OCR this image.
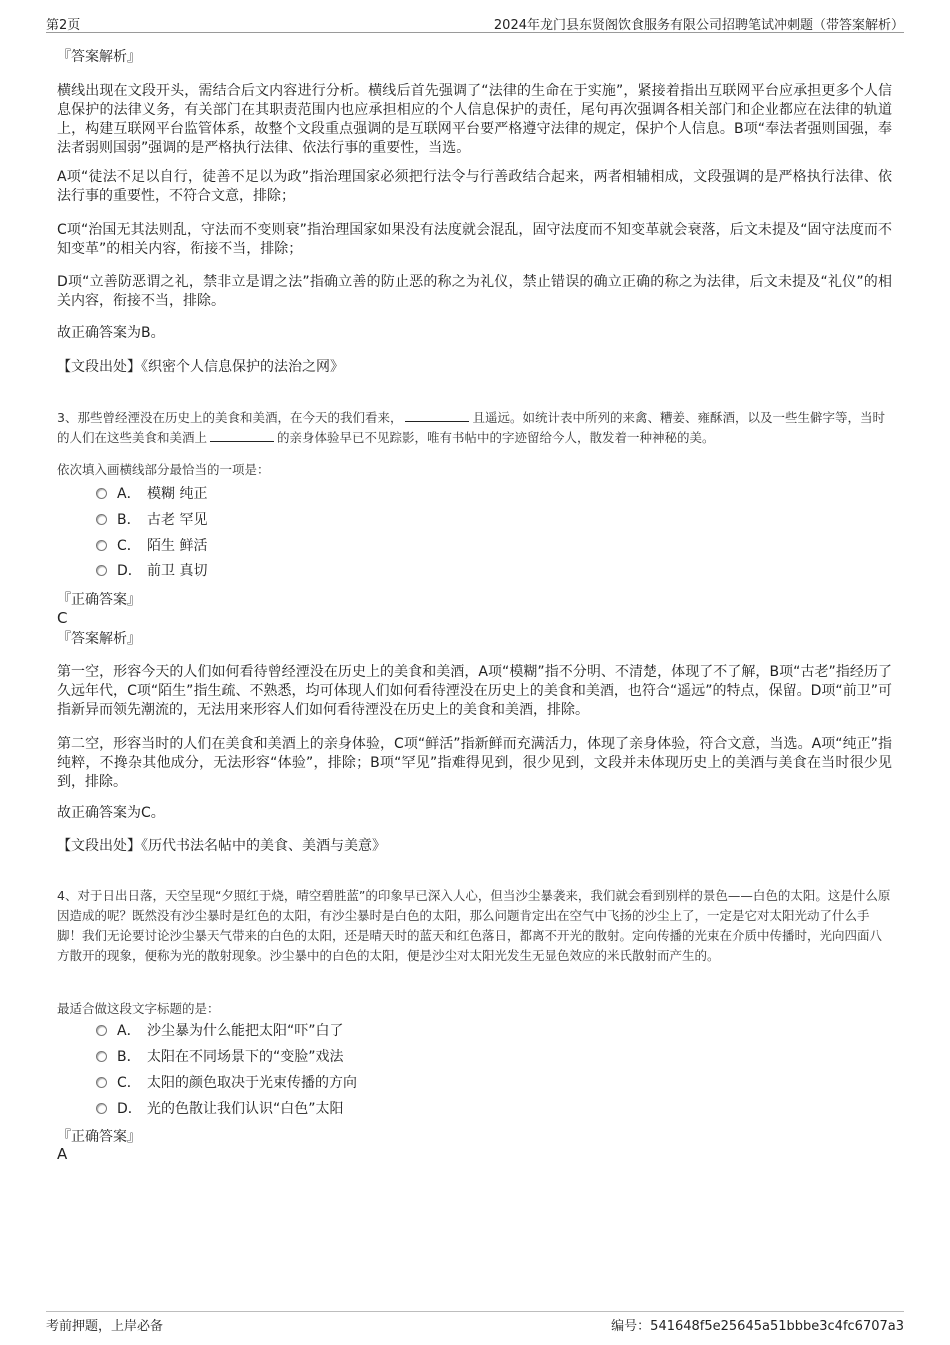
第2页	2024年龙门县东贤阁饮食服务有限公司招聘笔试冲刺题（带答案解析）
『答案解析』

横线出现在文段开头，需结合后文内容进行分析。横线后首先强调了“法律的生命在于实施”，紧接着指出互联网平台应承担更多个人信息保护的法律义务，有关部门在其职责范围内也应承担相应的个人信息保护的责任，尾句再次强调各相关部门和企业都应在法律的轨道上，构建互联网平台监管体系，故整个文段重点强调的是互联网平台要严格遵守法律的规定，保护个人信息。B项“奉法者强则国强，奉法者弱则国弱”强调的是严格执行法律、依法行事的重要性，当选。

A项“徒法不足以自行，徒善不足以为政”指治理国家必须把行法令与行善政结合起来，两者相辅相成，文段强调的是严格执行法律、依法行事的重要性，不符合文意，排除；

C项“治国无其法则乱，守法而不变则衰”指治理国家如果没有法度就会混乱，固守法度而不知变革就会衰落，后文未提及“固守法度而不知变革”的相关内容，衔接不当，排除；

D项“立善防恶谓之礼，禁非立是谓之法”指确立善的防止恶的称之为礼仪，禁止错误的确立正确的称之为法律，后文未提及“礼仪”的相关内容，衔接不当，排除。

故正确答案为B。

【文段出处】《织密个人信息保护的法治之网》

3、那些曾经湮没在历史上的美食和美酒，在今天的我们看来，	且遥远。如统计表中所列的来禽、糟姜、雍酥酒，以及一些生僻字等，当时的人们在这些美食和美酒上	的亲身体验早已不见踪影，唯有书帖中的字迹留给今人，散发着一种神秘的美。

依次填入画横线部分最恰当的一项是：

A． 模糊 纯正
B． 古老 罕见
C． 陌生 鲜活
D． 前卫 真切
『正确答案』
C
『答案解析』

第一空，形容今天的人们如何看待曾经湮没在历史上的美食和美酒，A项“模糊”指不分明、不清楚，体现了不了解，B项“古老”指经历了久远年代，C项“陌生”指生疏、不熟悉，均可体现人们如何看待湮没在历史上的美食和美酒，也符合“遥远”的特点，保留。D项“前卫”可指新异而领先潮流的，无法用来形容人们如何看待湮没在历史上的美食和美酒，排除。

第二空，形容当时的人们在美食和美酒上的亲身体验，C项“鲜活”指新鲜而充满活力，体现了亲身体验，符合文意，当选。A项“纯正”指纯粹，不搀杂其他成分，无法形容“体验”，排除；B项“罕见”指难得见到，很少见到，文段并未体现历史上的美酒与美食在当时很少见到，排除。

故正确答案为C。

【文段出处】《历代书法名帖中的美食、美酒与美意》

4、对于日出日落，天空呈现“夕照红于烧，晴空碧胜蓝”的印象早已深入人心，但当沙尘暴袭来，我们就会看到别样的景色——白色的太阳。这是什么原因造成的呢？既然没有沙尘暴时是红色的太阳，有沙尘暴时是白色的太阳，那么问题肯定出在空气中飞扬的沙尘上了，一定是它对太阳光动了什么手脚！我们无论要讨论沙尘暴天气带来的白色的太阳，还是晴天时的蓝天和红色落日，都离不开光的散射。定向传播的光束在介质中传播时，光向四面八方散开的现象，便称为光的散射现象。沙尘暴中的白色的太阳，便是沙尘对太阳光发生无显色效应的米氏散射而产生的。

最适合做这段文字标题的是：

A． 沙尘暴为什么能把太阳“吓”白了
B． 太阳在不同场景下的“变脸”戏法
C． 太阳的颜色取决于光束传播的方向
D． 光的色散让我们认识“白色”太阳
『正确答案』
A
考前押题，上岸必备	编号：541648f5e25645a51bbbe3c4fc6707a3
